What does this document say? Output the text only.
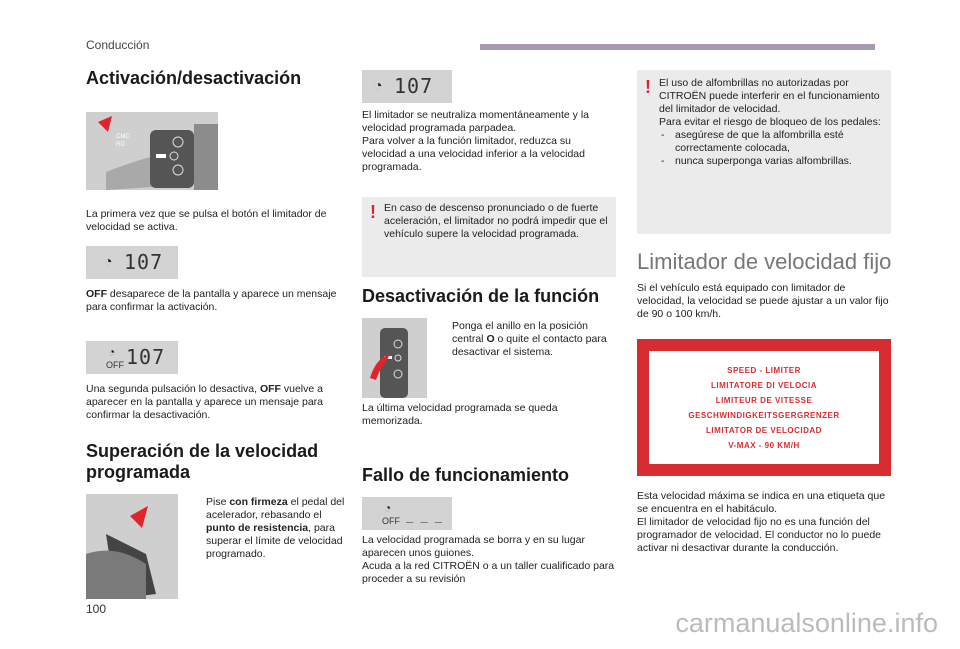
Conducción
Activación/desactivación
CMC
RD
La primera vez que se pulsa el botón el limitador de velocidad se activa.
◔ 107
OFF desaparece de la pantalla y aparece un mensaje para confirmar la activación.
◔
OFF 107
Una segunda pulsación lo desactiva, OFF vuelve a aparecer en la pantalla y aparece un mensaje para confirmar la desactivación.
Superación de la velocidad programada
Pise con firmeza el pedal del acelerador, rebasando el punto de resistencia, para superar el límite de velocidad programado.
◔ 107
El limitador se neutraliza momentáneamente y la velocidad programada parpadea.
Para volver a la función limitador, reduzca su velocidad a una velocidad inferior a la velocidad programada.
! En caso de descenso pronunciado o de fuerte aceleración, el limitador no podrá impedir que el vehículo supere la velocidad programada.
Desactivación de la función
Ponga el anillo en la posición central O o quite el contacto para desactivar el sistema.
La última velocidad programada se queda memorizada.
Fallo de funcionamiento
◔
OFF _ _ _
La velocidad programada se borra y en su lugar aparecen unos guiones.
Acuda a la red CITROËN o a un taller cualificado para proceder a su revisión
! El uso de alfombrillas no autorizadas por CITROËN puede interferir en el funcionamiento del limitador de velocidad.
Para evitar el riesgo de bloqueo de los pedales:
- asegúrese de que la alfombrilla esté correctamente colocada,
- nunca superponga varias alfombrillas.
Limitador de velocidad fijo
Si el vehículo está equipado con limitador de velocidad, la velocidad se puede ajustar a un valor fijo de 90 o 100 km/h.
SPEED - LIMITER
LIMITATORE DI VELOCIA
LIMITEUR DE VITESSE
GESCHWINDIGKEITSGERGRENZER
LIMITATOR DE VELOCIDAD
V-MAX - 90 KM/H
Esta velocidad máxima se indica en una etiqueta que se encuentra en el habitáculo.
El limitador de velocidad fijo no es una función del programador de velocidad. El conductor no lo puede activar ni desactivar durante la conducción.
100	carmanualsonline.info
